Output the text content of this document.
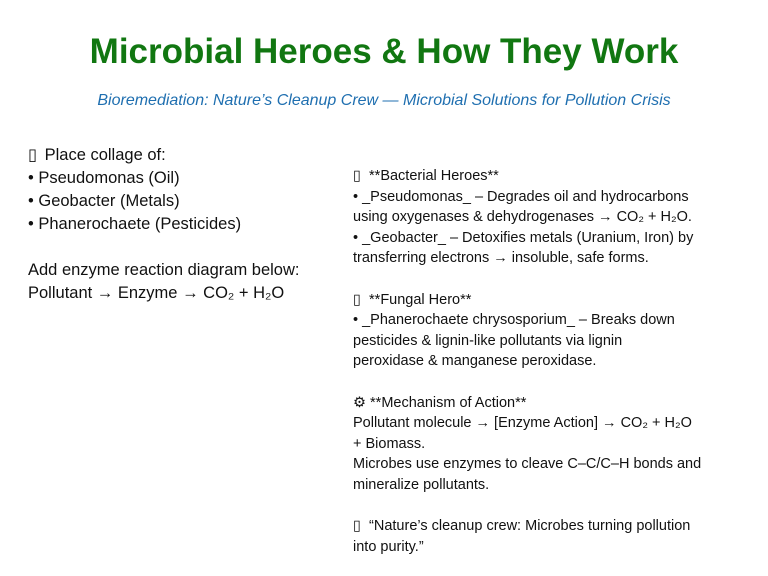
Microbial Heroes & How They Work
Bioremediation: Nature’s Cleanup Crew — Microbial Solutions for Pollution Crisis
▯ Place collage of:
• Pseudomonas (Oil)
• Geobacter (Metals)
• Phanerochaete (Pesticides)
Add enzyme reaction diagram below:
Pollutant → Enzyme → CO₂ + H₂O
▯ **Bacterial Heroes**
• _Pseudomonas_ – Degrades oil and hydrocarbons
using oxygenases & dehydrogenases → CO₂ + H₂O.
• _Geobacter_ – Detoxifies metals (Uranium, Iron) by
transferring electrons → insoluble, safe forms.
▯ **Fungal Hero**
• _Phanerochaete chrysosporium_ – Breaks down
pesticides & lignin-like pollutants via lignin
peroxidase & manganese peroxidase.
⚙ **Mechanism of Action**
Pollutant molecule → [Enzyme Action] → CO₂ + H₂O
+ Biomass.
Microbes use enzymes to cleave C–C/C–H bonds and
mineralize pollutants.
▯ “Nature’s cleanup crew: Microbes turning pollution
into purity.”
